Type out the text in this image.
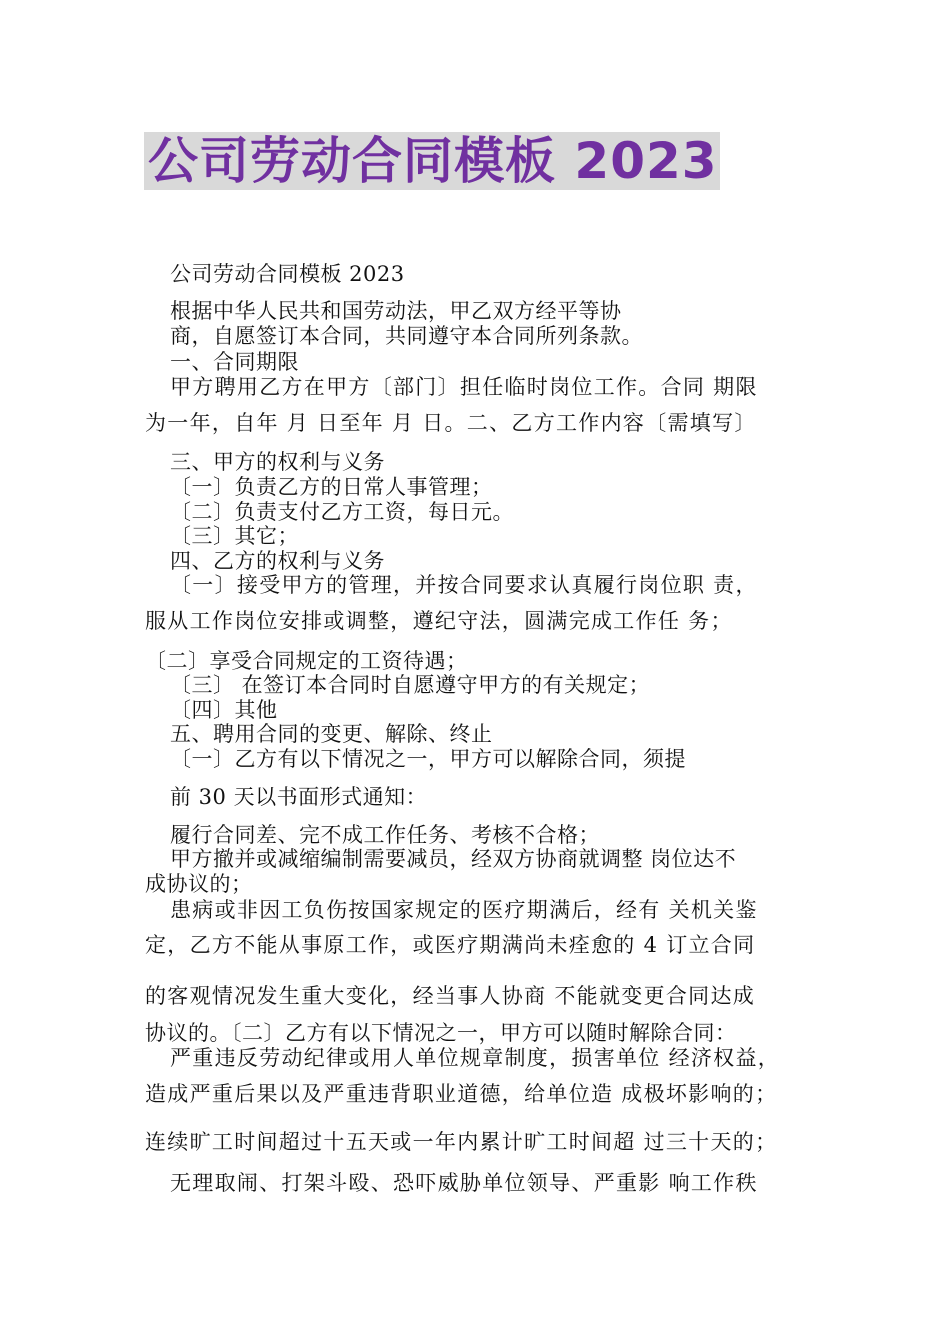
公司劳动合同模板 2023
公司劳动合同模板 2023
根据中华人民共和国劳动法，甲乙双方经平等协
商，自愿签订本合同，共同遵守本合同所列条款。
一、合同期限
甲方聘用乙方在甲方〔部门〕担任临时岗位工作。合同 期限
为一年，自年 月 日至年 月 日。二、乙方工作内容〔需填写〕
三、甲方的权利与义务
〔一〕负责乙方的日常人事管理；
〔二〕负责支付乙方工资，每日元。
〔三〕其它；
四、乙方的权利与义务
〔一〕接受甲方的管理，并按合同要求认真履行岗位职 责，
服从工作岗位安排或调整，遵纪守法，圆满完成工作任 务；
〔二〕享受合同规定的工资待遇；
〔三〕 在签订本合同时自愿遵守甲方的有关规定；
〔四〕其他
五、聘用合同的变更、解除、终止
〔一〕乙方有以下情况之一，甲方可以解除合同，须提
前 30 天以书面形式通知：
履行合同差、完不成工作任务、考核不合格；
甲方撤并或减缩编制需要减员，经双方协商就调整 岗位达不
成协议的；
患病或非因工负伤按国家规定的医疗期满后，经有 关机关鉴
定，乙方不能从事原工作，或医疗期满尚未痊愈的 4 订立合同
的客观情况发生重大变化，经当事人协商 不能就变更合同达成
协议的。〔二〕乙方有以下情况之一，甲方可以随时解除合同：
严重违反劳动纪律或用人单位规章制度，损害单位 经济权益，
造成严重后果以及严重违背职业道德，给单位造 成极坏影响的；
连续旷工时间超过十五天或一年内累计旷工时间超 过三十天的；
无理取闹、打架斗殴、恐吓威胁单位领导、严重影 响工作秩
